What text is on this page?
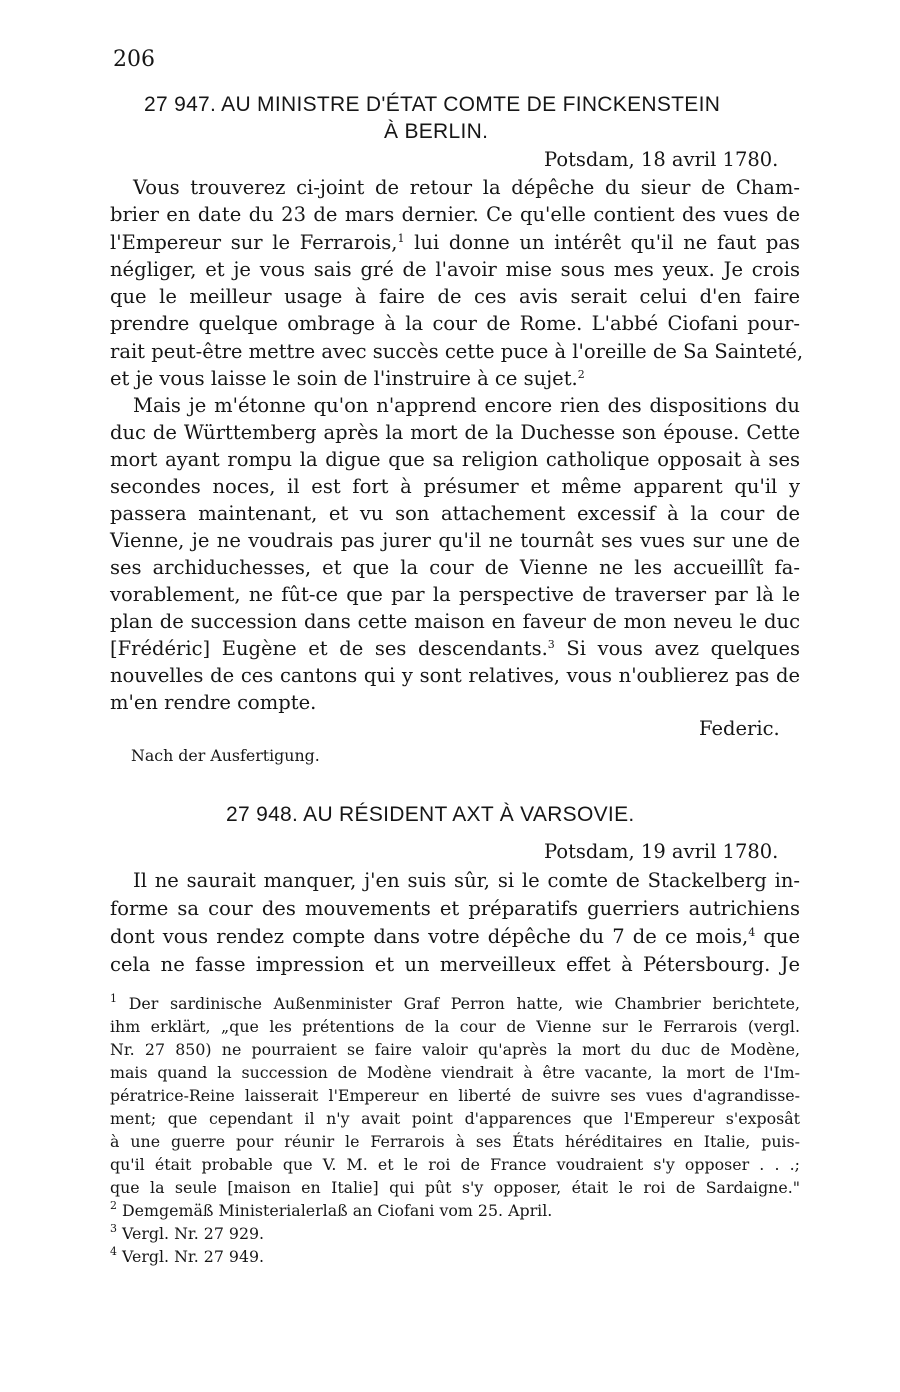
206
27 947. AU MINISTRE D'ÉTAT COMTE DE FINCKENSTEIN
À BERLIN.
Potsdam, 18 avril 1780.
Vous trouverez ci-joint de retour la dépêche du sieur de Cham-
brier en date du 23 de mars dernier. Ce qu'elle contient des vues de
l'Empereur sur le Ferrarois,$^1$ lui donne un intérêt qu'il ne faut pas
négliger, et je vous sais gré de l'avoir mise sous mes yeux. Je crois
que le meilleur usage à faire de ces avis serait celui d'en faire
prendre quelque ombrage à la cour de Rome. L'abbé Ciofani pour-
rait peut-être mettre avec succès cette puce à l'oreille de Sa Sainteté,
et je vous laisse le soin de l'instruire à ce sujet.$^2$
Mais je m'étonne qu'on n'apprend encore rien des dispositions du
duc de Württemberg après la mort de la Duchesse son épouse. Cette
mort ayant rompu la digue que sa religion catholique opposait à ses
secondes noces, il est fort à présumer et même apparent qu'il y
passera maintenant, et vu son attachement excessif à la cour de
Vienne, je ne voudrais pas jurer qu'il ne tournât ses vues sur une de
ses archiduchesses, et que la cour de Vienne ne les accueillît fa-
vorablement, ne fût-ce que par la perspective de traverser par là le
plan de succession dans cette maison en faveur de mon neveu le duc
[Frédéric] Eugène et de ses descendants.$^3$ Si vous avez quelques
nouvelles de ces cantons qui y sont relatives, vous n'oublierez pas de
m'en rendre compte.
Federic.
Nach der Ausfertigung.
27 948. AU RÉSIDENT AXT À VARSOVIE.
Potsdam, 19 avril 1780.
Il ne saurait manquer, j'en suis sûr, si le comte de Stackelberg in-
forme sa cour des mouvements et préparatifs guerriers autrichiens
dont vous rendez compte dans votre dépêche du 7 de ce mois,$^4$ que
cela ne fasse impression et un merveilleux effet à Pétersbourg. Je
$^1$ Der sardinische Außenminister Graf Perron hatte, wie Chambrier berichtete,
ihm erklärt, „que les prétentions de la cour de Vienne sur le Ferrarois (vergl.
Nr. 27 850) ne pourraient se faire valoir qu'après la mort du duc de Modène,
mais quand la succession de Modène viendrait à être vacante, la mort de l'Im-
pératrice-Reine laisserait l'Empereur en liberté de suivre ses vues d'agrandisse-
ment; que cependant il n'y avait point d'apparences que l'Empereur s'exposât
à une guerre pour réunir le Ferrarois à ses États héréditaires en Italie, puis-
qu'il était probable que V. M. et le roi de France voudraient s'y opposer . . .;
que la seule [maison en Italie] qui pût s'y opposer, était le roi de Sardaigne."
$^2$ Demgemäß Ministerialerlaß an Ciofani vom 25. April.
$^3$ Vergl. Nr. 27 929.
$^4$ Vergl. Nr. 27 949.
